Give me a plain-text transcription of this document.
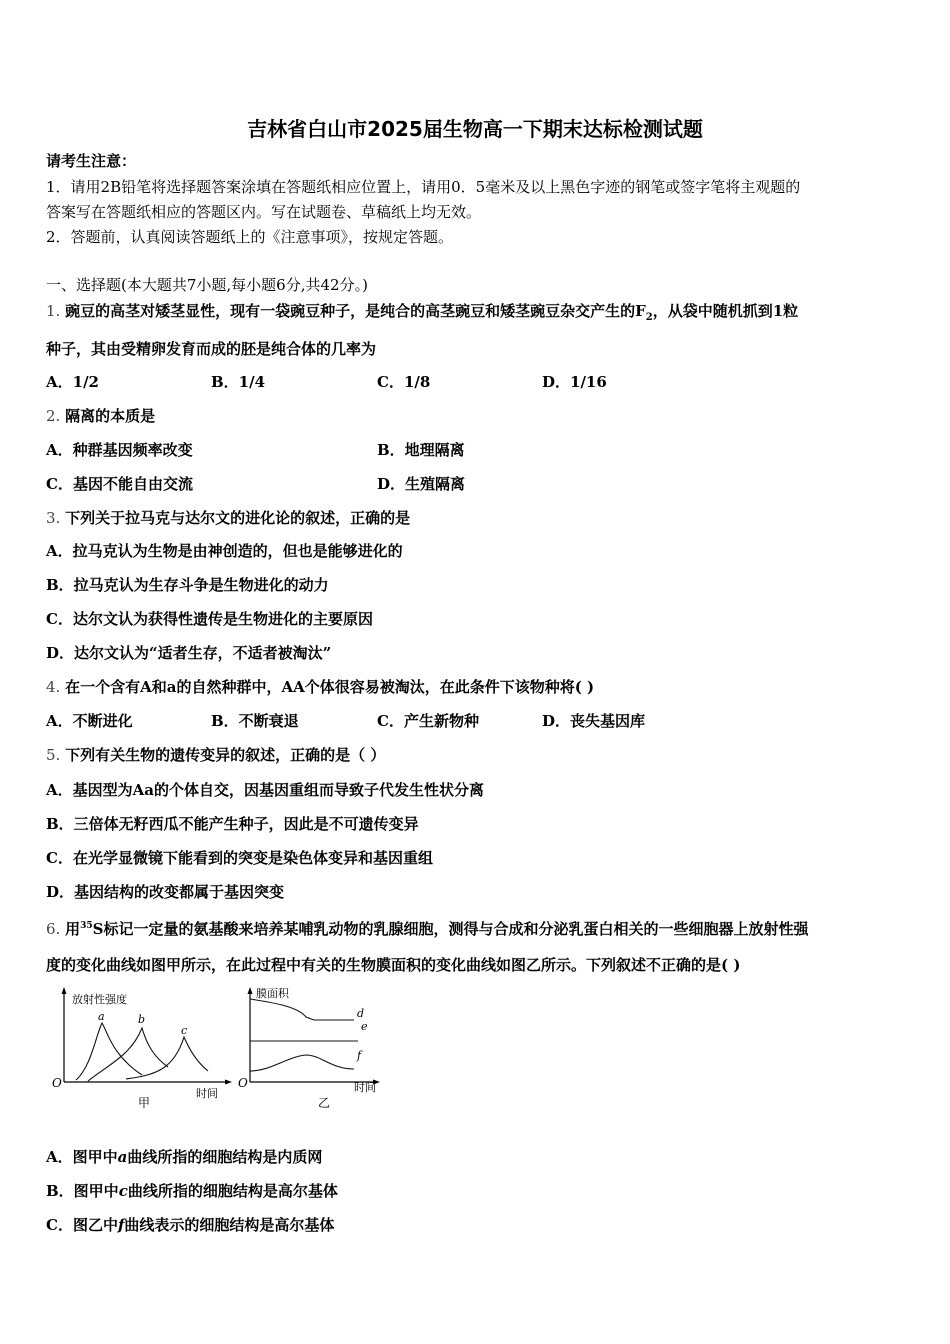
吉林省白山市2025届生物高一下期末达标检测试题
请考生注意：
1．请用2B铅笔将选择题答案涂填在答题纸相应位置上，请用0．5毫米及以上黑色字迹的钢笔或签字笔将主观题的
答案写在答题纸相应的答题区内。写在试题卷、草稿纸上均无效。
2．答题前，认真阅读答题纸上的《注意事项》，按规定答题。
一、选择题(本大题共7小题,每小题6分,共42分。)
1. 豌豆的高茎对矮茎显性，现有一袋豌豆种子，是纯合的高茎豌豆和矮茎豌豆杂交产生的$F_2$，从袋中随机抓到1粒
种子，其由受精卵发育而成的胚是纯合体的几率为
A．1/2	B．1/4	C．1/8	D．1/16
2. 隔离的本质是
A．种群基因频率改变	B．地理隔离
C．基因不能自由交流	D．生殖隔离
3. 下列关于拉马克与达尔文的进化论的叙述，正确的是
A．拉马克认为生物是由神创造的，但也是能够进化的
B．拉马克认为生存斗争是生物进化的动力
C．达尔文认为获得性遗传是生物进化的主要原因
D．达尔文认为“适者生存，不适者被淘汰”
4. 在一个含有A和a的自然种群中，AA个体很容易被淘汰，在此条件下该物种将( )
A．不断进化	B．不断衰退	C．产生新物种	D．丧失基因库
5. 下列有关生物的遗传变异的叙述，正确的是（ ）
A．基因型为Aa的个体自交，因基因重组而导致子代发生性状分离
B．三倍体无籽西瓜不能产生种子，因此是不可遗传变异
C．在光学显微镜下能看到的突变是染色体变异和基因重组
D．基因结构的改变都属于基因突变
6. 用$^{35}$S标记一定量的氨基酸来培养某哺乳动物的乳腺细胞，测得与合成和分泌乳蛋白相关的一些细胞器上放射性强
度的变化曲线如图甲所示，在此过程中有关的生物膜面积的变化曲线如图乙所示。下列叙述不正确的是( )
放射性强度
a	b
c
O
时间
甲
膜面积
d
e
f
O	时间
乙
A．图甲中a曲线所指的细胞结构是内质网
B．图甲中c曲线所指的细胞结构是高尔基体
C．图乙中f曲线表示的细胞结构是高尔基体
